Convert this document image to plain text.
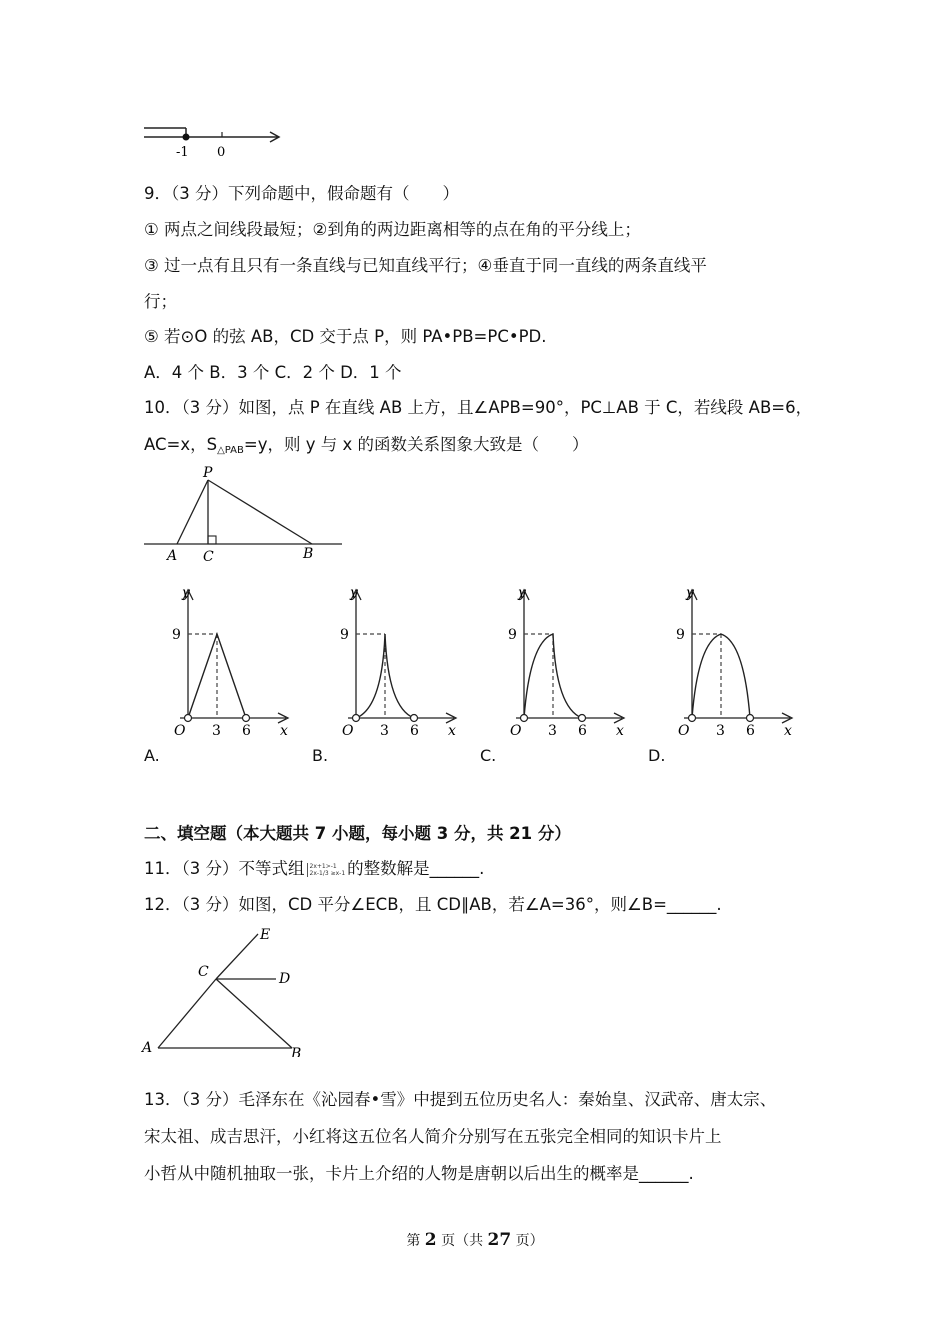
-1 0
9．（3 分）下列命题中，假命题有（　　）
① 两点之间线段最短；②到角的两边距离相等的点在角的平分线上；
③ 过一点有且只有一条直线与已知直线平行；④垂直于同一直线的两条直线平
行；
⑤ 若⊙O 的弦 AB，CD 交于点 P，则 PA•PB=PC•PD.
A．4 个 B．3 个 C．2 个 D．1 个
10．（3 分）如图，点 P 在直线 AB 上方，且∠APB=90°，PC⊥AB 于 C，若线段 AB=6，
AC=x，$S_{\triangle PAB}=y$，则 y 与 x 的函数关系图象大致是（　　）
P
A C	B
y
9
O 3 6 x
y
9
O 3 6 x
y
9
O 3 6 x
y
9
O 3 6 x
A.	B.	C.	D.
二、填空题（本大题共 7 小题，每小题 3 分，共 21 分）
11．（3 分）不等式组 2x+1>-1
2x-1/3 ≥x-1 的整数解是______.
12．（3 分）如图，CD 平分∠ECB，且 CD∥AB，若∠A=36°，则∠B=______.
E
C	D
A	B
13．（3 分）毛泽东在《沁园春•雪》中提到五位历史名人：秦始皇、汉武帝、唐太宗、
宋太祖、成吉思汗，小红将这五位名人简介分别写在五张完全相同的知识卡片上
小哲从中随机抽取一张，卡片上介绍的人物是唐朝以后出生的概率是______.
第 2 页（共 27 页）
